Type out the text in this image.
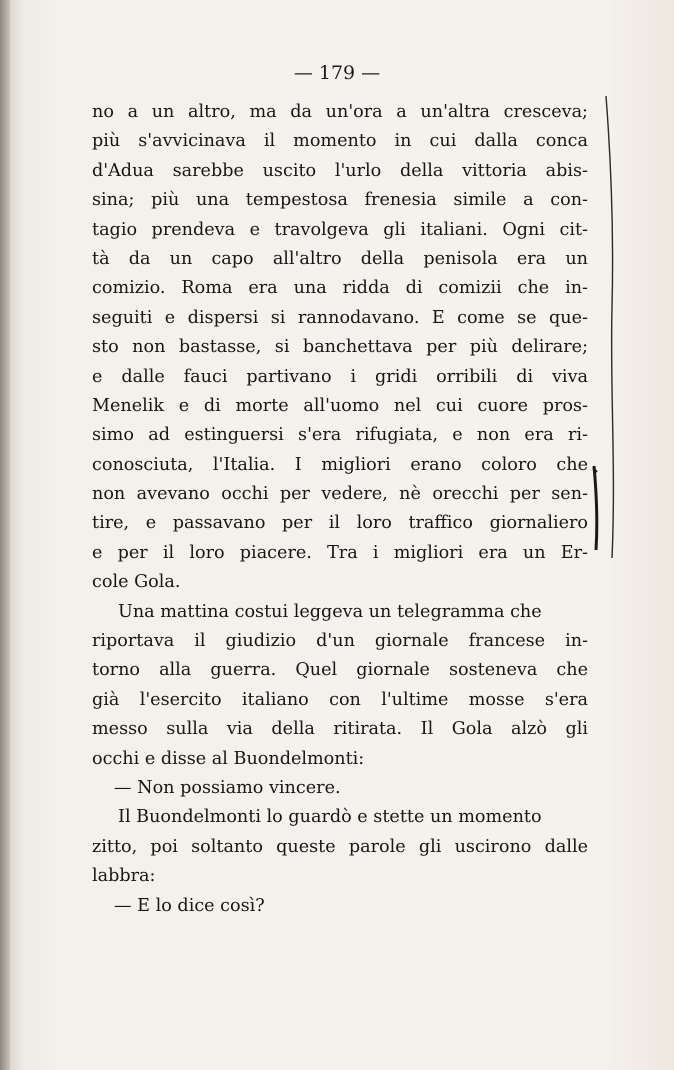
— 179 —

no a un altro, ma da un'ora a un'altra cresceva;
più s'avvicinava il momento in cui dalla conca
d'Adua sarebbe uscito l'urlo della vittoria abis-
sina; più una tempestosa frenesia simile a con-
tagio prendeva e travolgeva gli italiani. Ogni cit-
tà da un capo all'altro della penisola era un
comizio. Roma era una ridda di comizii che in-
seguiti e dispersi si rannodavano. E come se que-
sto non bastasse, si banchettava per più delirare;
e dalle fauci partivano i gridi orribili di viva
Menelik e di morte all'uomo nel cui cuore pros-
simo ad estinguersi s'era rifugiata, e non era ri-
conosciuta, l'Italia. I migliori erano coloro che
non avevano occhi per vedere, nè orecchi per sen-
tire, e passavano per il loro traffico giornaliero
e per il loro piacere. Tra i migliori era un Er-
cole Gola.
Una mattina costui leggeva un telegramma che
riportava il giudizio d'un giornale francese in-
torno alla guerra. Quel giornale sosteneva che
già l'esercito italiano con l'ultime mosse s'era
messo sulla via della ritirata. Il Gola alzò gli
occhi e disse al Buondelmonti:
— Non possiamo vincere.
Il Buondelmonti lo guardò e stette un momento
zitto, poi soltanto queste parole gli uscirono dalle
labbra:
— E lo dice così?
